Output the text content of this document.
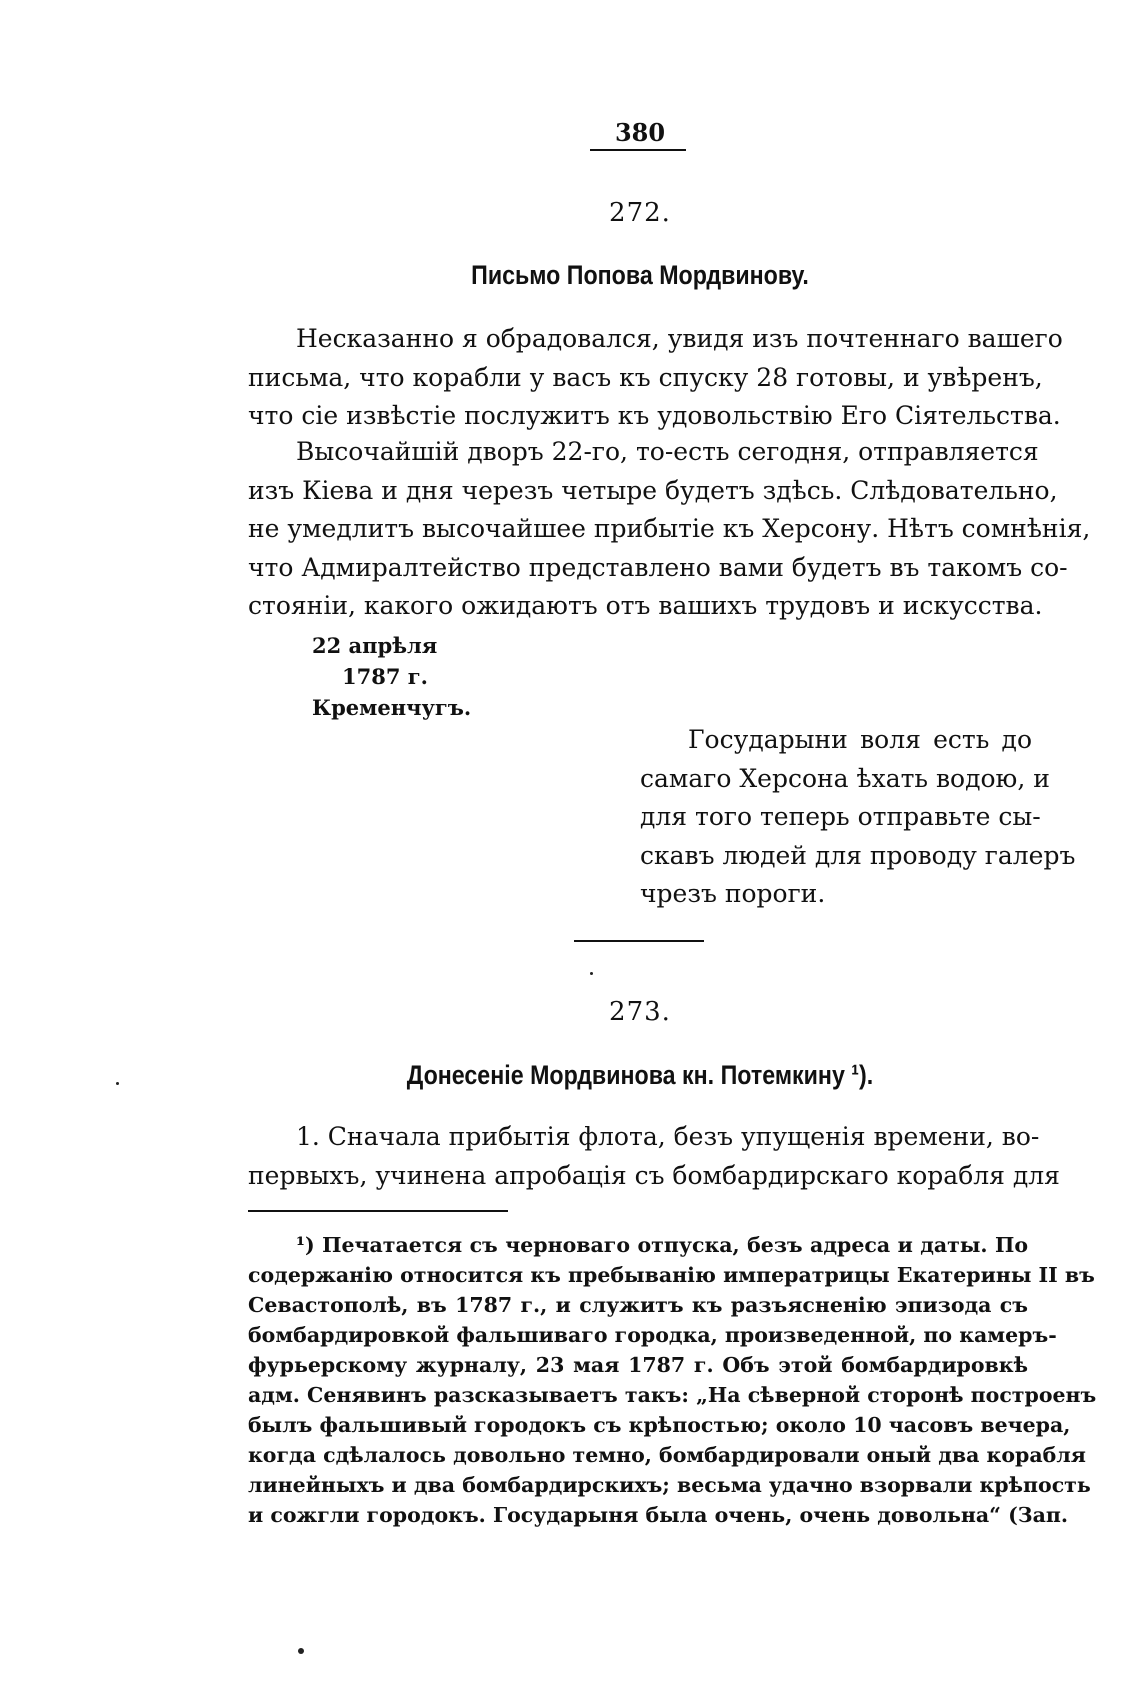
380
272.
Письмо Попова Мордвинову.
Несказанно я обрадовался, увидя изъ почтеннаго вашего
письма, что корабли у васъ къ спуску 28 готовы, и увѣренъ,
что сіе извѣстіе послужитъ къ удовольствію Его Сіятельства.
Высочайшій дворъ 22-го, то-есть сегодня, отправляется
изъ Кіева и дня черезъ четыре будетъ здѣсь. Слѣдовательно,
не умедлитъ высочайшее прибытіе къ Херсону. Нѣтъ сомнѣнія,
что Адмиралтейство представлено вами будетъ въ такомъ со-
стояніи, какого ожидаютъ отъ вашихъ трудовъ и искусства.
22 апрѣля
1787 г.
Кременчугъ.
Государыни воля есть до
самаго Херсона ѣхать водою, и
для того теперь отправьте сы-
скавъ людей для проводу галеръ
чрезъ пороги.
273.
Донесеніе Мордвинова кн. Потемкину ¹).
1. Сначала прибытія флота, безъ упущенія времени, во-
первыхъ, учинена апробація съ бомбардирскаго корабля для
¹) Печатается съ черноваго отпуска, безъ адреса и даты. По
содержанію относится къ пребыванію императрицы Екатерины II въ
Севастополѣ, въ 1787 г., и служитъ къ разъясненію эпизода съ
бомбардировкой фальшиваго городка, произведенной, по камеръ-
фурьерскому журналу, 23 мая 1787 г. Объ этой бомбардировкѣ
адм. Сенявинъ разсказываетъ такъ: „На сѣверной сторонѣ построенъ
былъ фальшивый городокъ съ крѣпостью; около 10 часовъ вечера,
когда сдѣлалось довольно темно, бомбардировали оный два корабля
линейныхъ и два бомбардирскихъ; весьма удачно взорвали крѣпость
и сожгли городокъ. Государыня была очень, очень довольна“ (Зап.
